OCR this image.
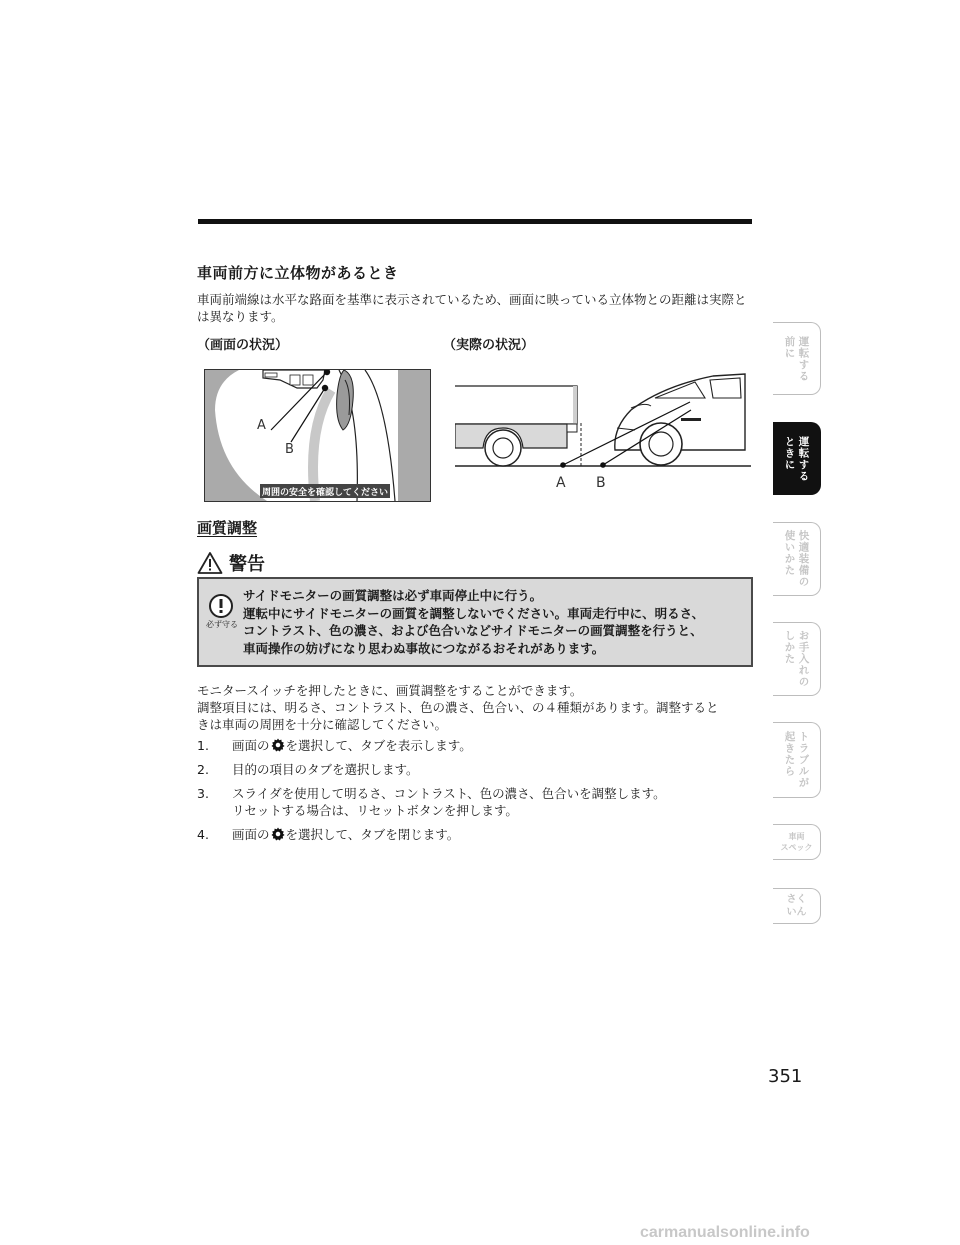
車両前方に立体物があるとき

車両前端線は水平な路面を基準に表示されているため、画面に映っている立体物との距離は実際とは異なります。

（画面の状況）	（実際の状況）
A
B
周囲の安全を確認してください
A B
画質調整
警告
必ず守る
サイドモニターの画質調整は必ず車両停止中に行う。
運転中にサイドモニターの画質を調整しないでください。車両走行中に、明るさ、
コントラスト、色の濃さ、および色合いなどサイドモニターの画質調整を行うと、
車両操作の妨げになり思わぬ事故につながるおそれがあります。
モニタースイッチを押したときに、画質調整をすることができます。
調整項目には、明るさ、コントラスト、色の濃さ、色合い、の４種類があります。調整すると
きは車両の周囲を十分に確認してください。
1.	画面の を選択して、タブを表示します。
2.	目的の項目のタブを選択します。
3.	スライダを使用して明るさ、コントラスト、色の濃さ、色合いを調整します。
リセットする場合は、リセットボタンを押します。
4.	画面の を選択して、タブを閉じます。
運転する
前に
運転する
ときに
快適装備の
使いかた
お手入れの
しかた
トラブルが
起きたら
車両
スペック
さく
いん
351
carmanualsonline.info
